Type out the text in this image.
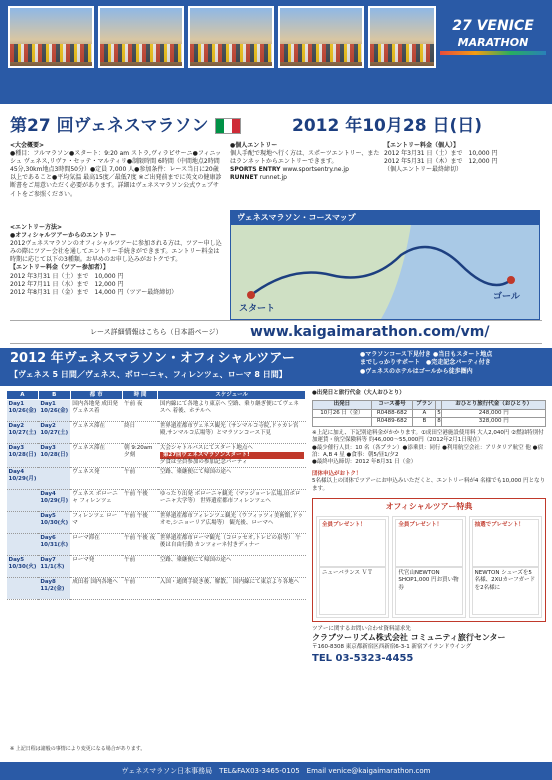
27 VENICE
MARATHON
第27 回ヴェネスマラソン	2012 年10月28 日(日)
<大会概要>
●種目：フルマラソン●スタート：9:20 am ストラ,ヴィラピサーニ●フィニッシュ ヴェネス,リヴァ・セッテ・マルティリ●制限時間 6時間（中間地点2時間45分,30km地点3時間50分）●定員 7,000 人●参加条件：レース当日に20歳以上であること●平均気温 最高15度／最低7度 ※ご出発前までに英文の健康診断書をご用意いただく必要があります。詳細はヴェネスマラソン公式ウェブサイトをご参照ください。
●個人エントリー
個人手配で現地へ行く方は、スポーツエントリー、またはランネットからエントリーできます。
SPORTS ENTRY www.sportsentry.ne.jp
RUNNET runnet.jp
【エントリー料金（個人）】
2012 年3月31 日（土）まで　10,000 円
2012 年5月31 日（木）まで　12,000 円
（個人エントリー最終締切）
<エントリー方法>
●オフィシャルツアーからのエントリー
2012ヴェネスマラソンのオフィシャルツアーに参加される方は、ツアー申し込みの際にツアー会社を通してエントリー手続きができます。エントリー料金は時期に応じて以下の3種類。お早めのお申し込みがおトクです。
【エントリー料金（ツアー参加者）】
2012 年3月31 日（土）まで　10,000 円
2012 年7月11 日（水）まで　12,000 円
2012 年8月31 日（金）まで　14,000 円（ツアー最終締切）
ヴェネスマラソン・コースマップ
スタート
ゴール
レース詳細情報はこちら（日本語ページ） www.kaigaimarathon.com/vm/
2012 年ヴェネスマラソン・オフィシャルツアー
【ヴェネス 5 日間／ヴェネス、ボローニャ、フィレンツェ、ローマ 8 日間】
●マラソンコース下見付き ●当日もスタート地点
までしっかりサポート　●完走記念パーティ付き
●ヴェネスのホテルはゴールから徒歩圏内
A	B	都 市	時 間	スケジュール
Day1 10/26(金)	Day1 10/26(金)	国内各地発 成田発 ヴェネス着	午前 夜	国内線にて各地より東京へ 空路、乗り継ぎ便にてヴェネスへ 着後、ホテルへ
Day2 10/27(土)	Day2 10/27(土)	ヴェネス滞在	終日	世界遺産都市ヴェネス観光（サンマルコ寺院,ドゥカレ宮殿,サンマルコ広場等）とマラソンコース下見
Day3 10/28(日)	Day3 10/28(日)	ヴェネス滞在	朝 9:20am 夕刻	大会シャトルバスにてスタート地点へ
第27回ヴェネスマラソンスタート!
夕食は全員参加の参加記念パーティ

Day4 10/29(月)		ヴェネス発	午前	空路、乗継便にて帰国の途へ
	Day4 10/29(月)	ヴェネス ボローニャ フィレンツェ	午前 午後	ゆったり出発 ボローニャ観光（マッジョーレ広場,旧ボローニャ大学等） 世界遺産都市フィレンツェへ
	Day5 10/30(火)	フィレンツェ ローマ	午前 午後	世界遺産都市フィレンツェ観光（ウフィッツィ美術館,ドゥオモ,シニョーリア広場等） 観光後、ローマへ
	Day6 10/31(水)	ローマ滞在	午前 午後 夜	世界遺産都市ローマ観光（コロッセオ,トレビの泉等） 午後は自由行動 カンツォーネ付きディナー
Day5 10/30(火)	Day7 11/1(木)	ローマ発	午前	空路、乗継便にて帰国の途へ
	Day8 11/2(金)	成田着 国内各地へ	午前	入国・通関手続き後、解散。 国内線にて東京より各地へ
●出発日と旅行代金（大人おひとり）
出発日	コース番号	プラン		おひとり旅行代金（おひとり）
10月26 日（金）	R0488-682	A	5	248,000 円
	R0489-682	B	8	328,000 円
※上記に加え、下記別途料金がかかります。①成田空港施設使用料 大人2,040円 ②燃油特別付加運賃・航空保険料等 約46,000〜55,000円（2012年2月1日現在）
●最少催行人員：10 名（各プラン）●添乗員：同行 ●利用航空会社：アリタリア航空 他 ●宿泊：A,B 4 星 ●食事：朝5/昼1/夕2
●最終申込締切：2012 年8月31 日（金）
団体申込がおトク！
5名様以上の団体でツアーにお申込みいただくと、エントリー料が4 名様でも10,000 円となります。
オフィシャルツアー特典
全員プレゼント！
ニューバランス ＶＴ
全員プレゼント！
代官山NEWTON SHOP1,000 円お買い物券
抽選でプレゼント！
NEWTON シューズを5名様、2XUカーフガードを2名様に
ツアーに関するお問い合わせ資料請求先
クラブツーリズム株式会社 コミュニティ旅行センター
〒160-8308 東京都新宿区西新宿6-3-1 新宿アイランドウイング
TEL 03-5323-4455
※ 上記日程は諸般の事情により変更になる場合があります。
ヴェネスマラソン日本事務局　TEL&FAX03-3465-0105　Email venice@kaigaimarathon.com
